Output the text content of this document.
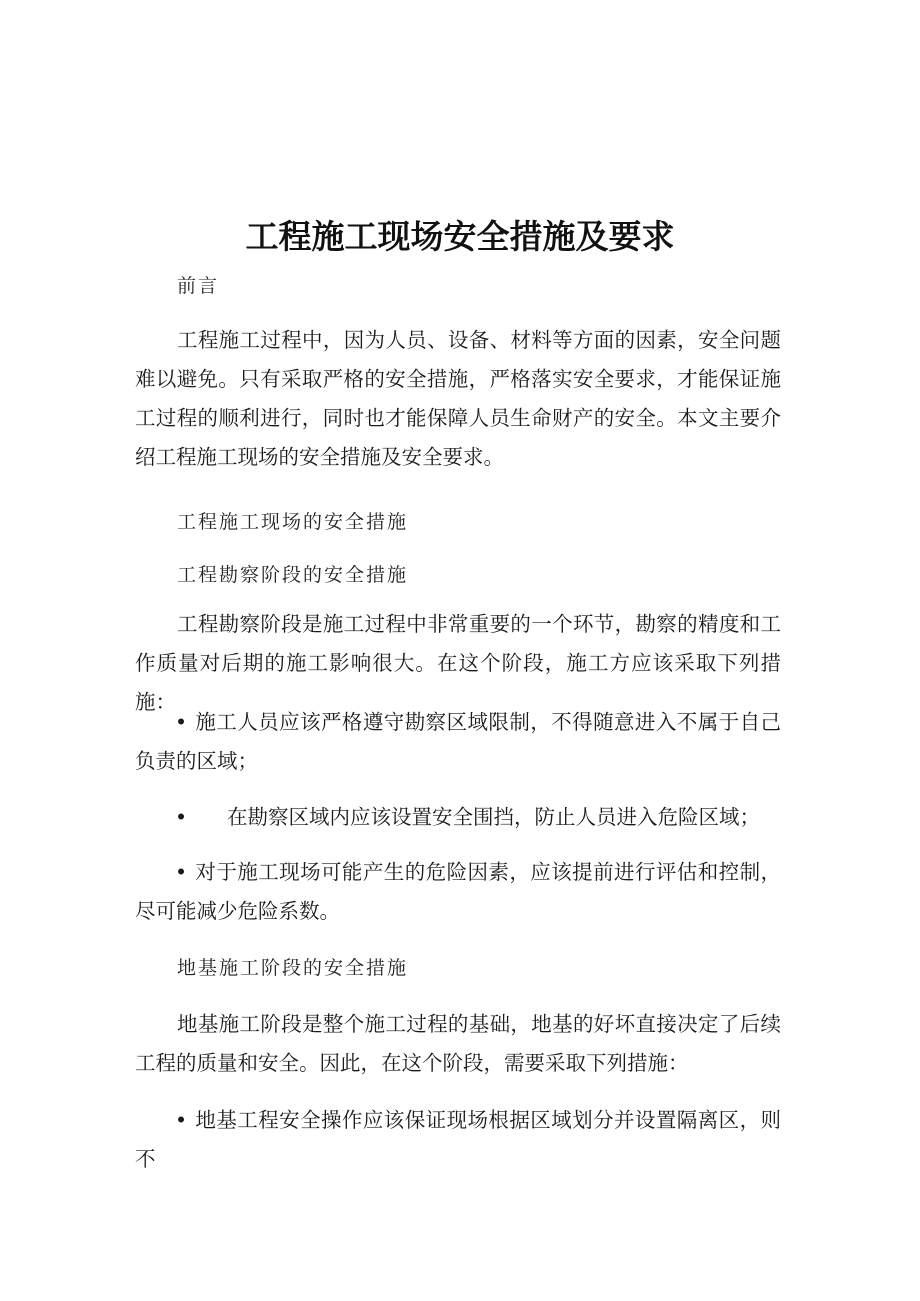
工程施工现场安全措施及要求
前言
工程施工过程中，因为人员、设备、材料等方面的因素，安全问题难以避免。只有采取严格的安全措施，严格落实安全要求，才能保证施工过程的顺利进行，同时也才能保障人员生命财产的安全。本文主要介绍工程施工现场的安全措施及安全要求。
工程施工现场的安全措施
工程勘察阶段的安全措施
工程勘察阶段是施工过程中非常重要的一个环节，勘察的精度和工作质量对后期的施工影响很大。在这个阶段，施工方应该采取下列措施：
• 施工人员应该严格遵守勘察区域限制，不得随意进入不属于自己负责的区域；
• 在勘察区域内应该设置安全围挡，防止人员进入危险区域；
• 对于施工现场可能产生的危险因素，应该提前进行评估和控制，尽可能减少危险系数。
地基施工阶段的安全措施
地基施工阶段是整个施工过程的基础，地基的好坏直接决定了后续工程的质量和安全。因此，在这个阶段，需要采取下列措施：
• 地基工程安全操作应该保证现场根据区域划分并设置隔离区，则不
